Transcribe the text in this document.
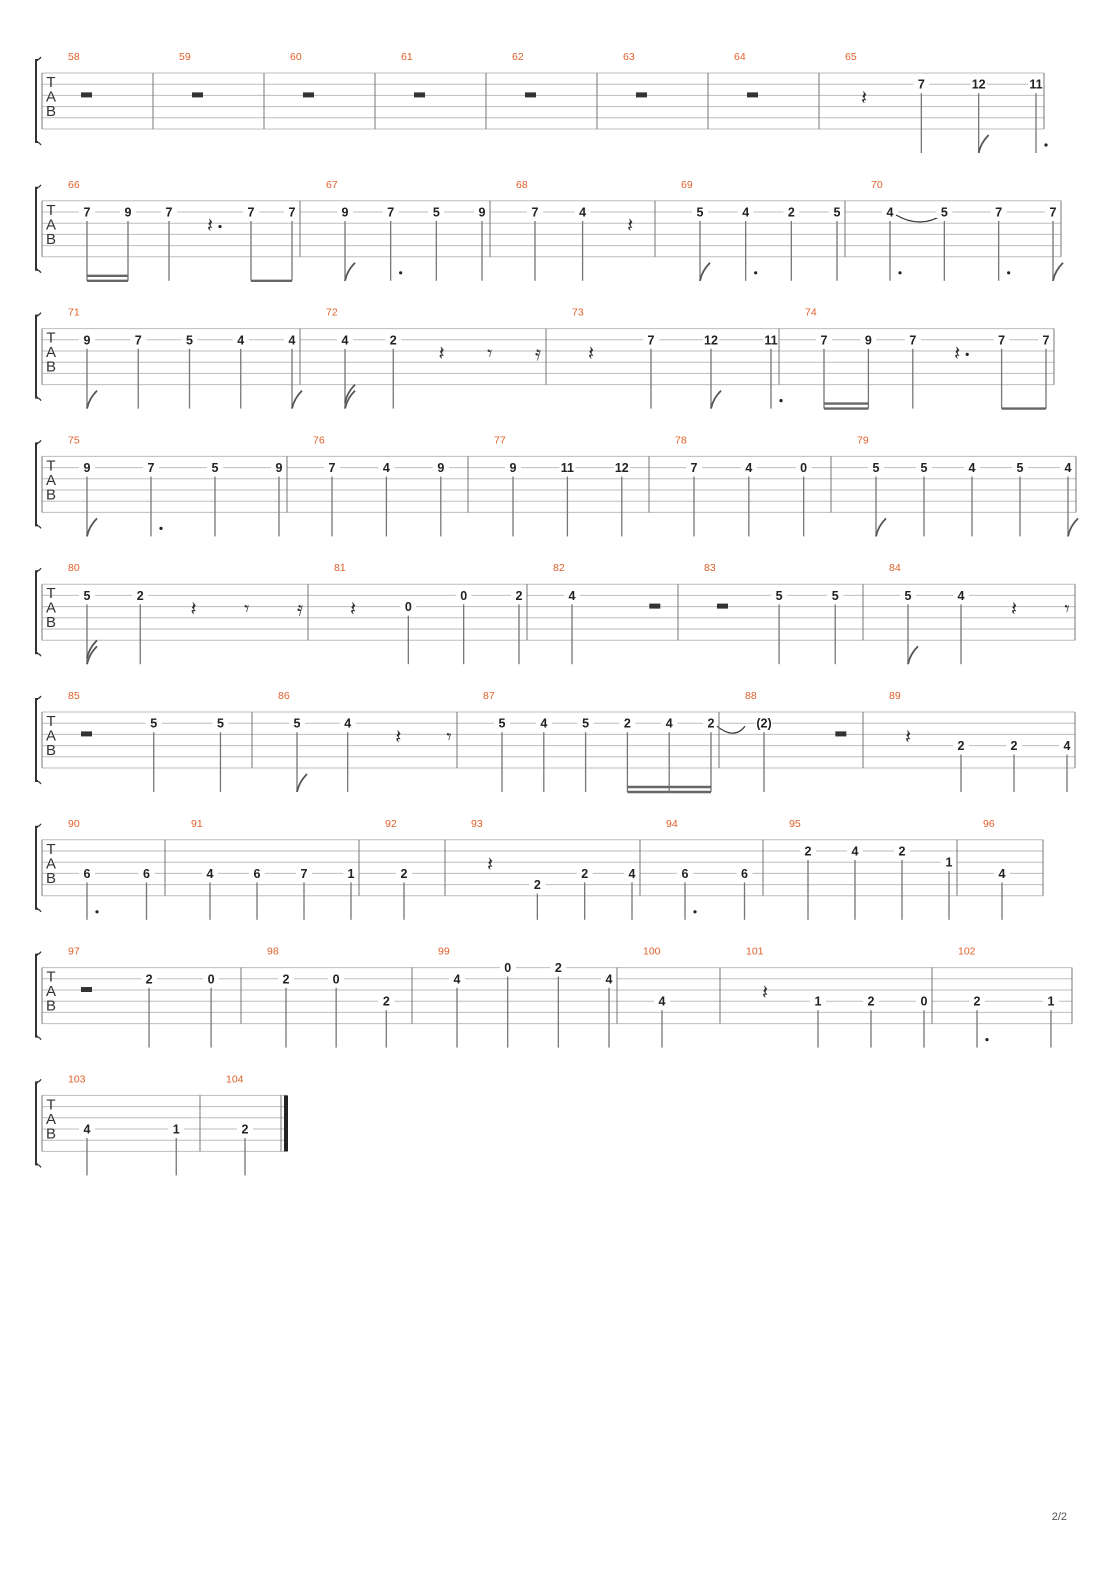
T
A
B
58	59	60	61	62	63	64	65
𝄽
7	12	11
T
A
B
66
7	9	7
𝄽
7	7
67
9	7	5	9
68
7	4
𝄽
69
5	4	2	5
70
4	5	7	7
T
A
B
71
9	7	5	4	4
72
4	2
𝄽 𝄾 𝄿
73
𝄽
7	12	11
74
7	9	7
𝄽
7	7
T
A
B
75
9	7	5	9
76
7	4	9
77
9	11	12
78
7	4	0
79
5	5	4	5	4
T
A
B
80
5	2
𝄽 𝄾 𝄿
81
𝄽	0
0	2
82
4
83
5	5
84
5	4
𝄽 𝄾
T
A
B
85
5	5
86
5	4
𝄽 𝄾
87
5	4	5	2	4	2
88
(2)
89
𝄽	2	2	4
T
A
B
90
6	6
91
4	6	7	1
92
2
93
𝄽
2
2	4
94
6	6
95
2	4	2
1
96
4
T
A
B
97
2	0
98
2	0
2
99
4
0	2
4
100
4
101
𝄽	1	2	0
102
2	1
T
A
B
103
4	1
104
2
2/2
